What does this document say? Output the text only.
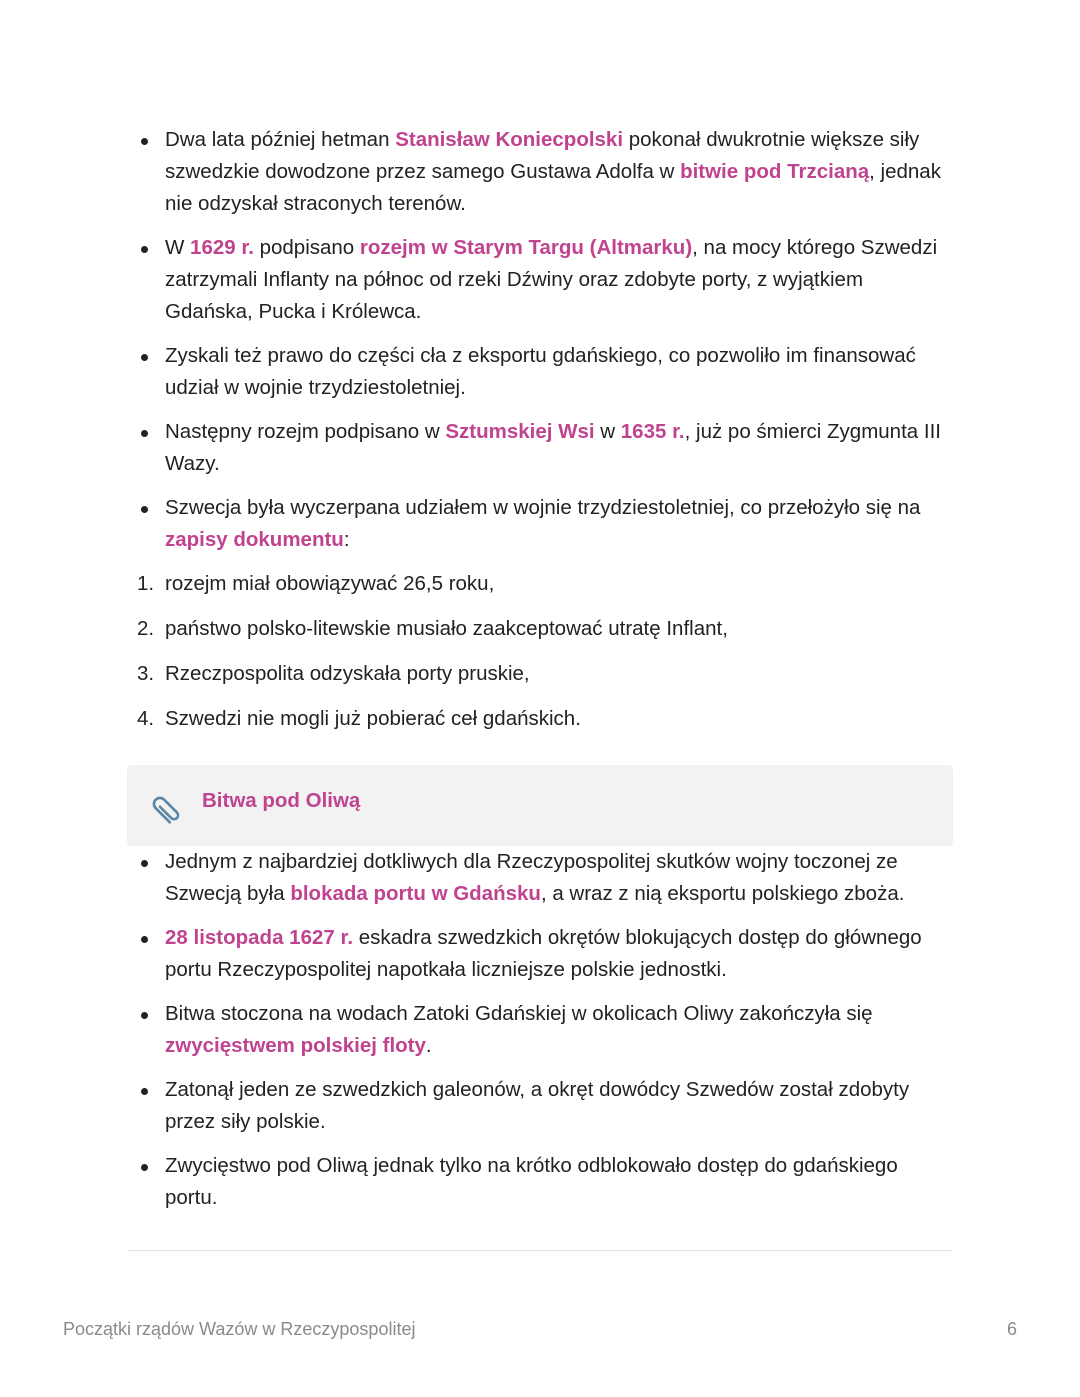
Dwa lata później hetman Stanisław Koniecpolski pokonał dwukrotnie większe siły szwedzkie dowodzone przez samego Gustawa Adolfa w bitwie pod Trzcianą, jednak nie odzyskał straconych terenów.
W 1629 r. podpisano rozejm w Starym Targu (Altmarku), na mocy którego Szwedzi zatrzymali Inflanty na północ od rzeki Dźwiny oraz zdobyte porty, z wyjątkiem Gdańska, Pucka i Królewca.
Zyskali też prawo do części cła z eksportu gdańskiego, co pozwoliło im finansować udział w wojnie trzydziestoletniej.
Następny rozejm podpisano w Sztumskiej Wsi w 1635 r., już po śmierci Zygmunta III Wazy.
Szwecja była wyczerpana udziałem w wojnie trzydziestoletniej, co przełożyło się na zapisy dokumentu:
1. rozejm miał obowiązywać 26,5 roku,
2. państwo polsko-litewskie musiało zaakceptować utratę Inflant,
3. Rzeczpospolita odzyskała porty pruskie,
4. Szwedzi nie mogli już pobierać ceł gdańskich.
Bitwa pod Oliwą
Jednym z najbardziej dotkliwych dla Rzeczypospolitej skutków wojny toczonej ze Szwecją była blokada portu w Gdańsku, a wraz z nią eksportu polskiego zboża.
28 listopada 1627 r. eskadra szwedzkich okrętów blokujących dostęp do głównego portu Rzeczypospolitej napotkała liczniejsze polskie jednostki.
Bitwa stoczona na wodach Zatoki Gdańskiej w okolicach Oliwy zakończyła się zwycięstwem polskiej floty.
Zatonął jeden ze szwedzkich galeonów, a okręt dowódcy Szwedów został zdobyty przez siły polskie.
Zwycięstwo pod Oliwą jednak tylko na krótko odblokowało dostęp do gdańskiego portu.
Początki rządów Wazów w Rzeczypospolitej	6
